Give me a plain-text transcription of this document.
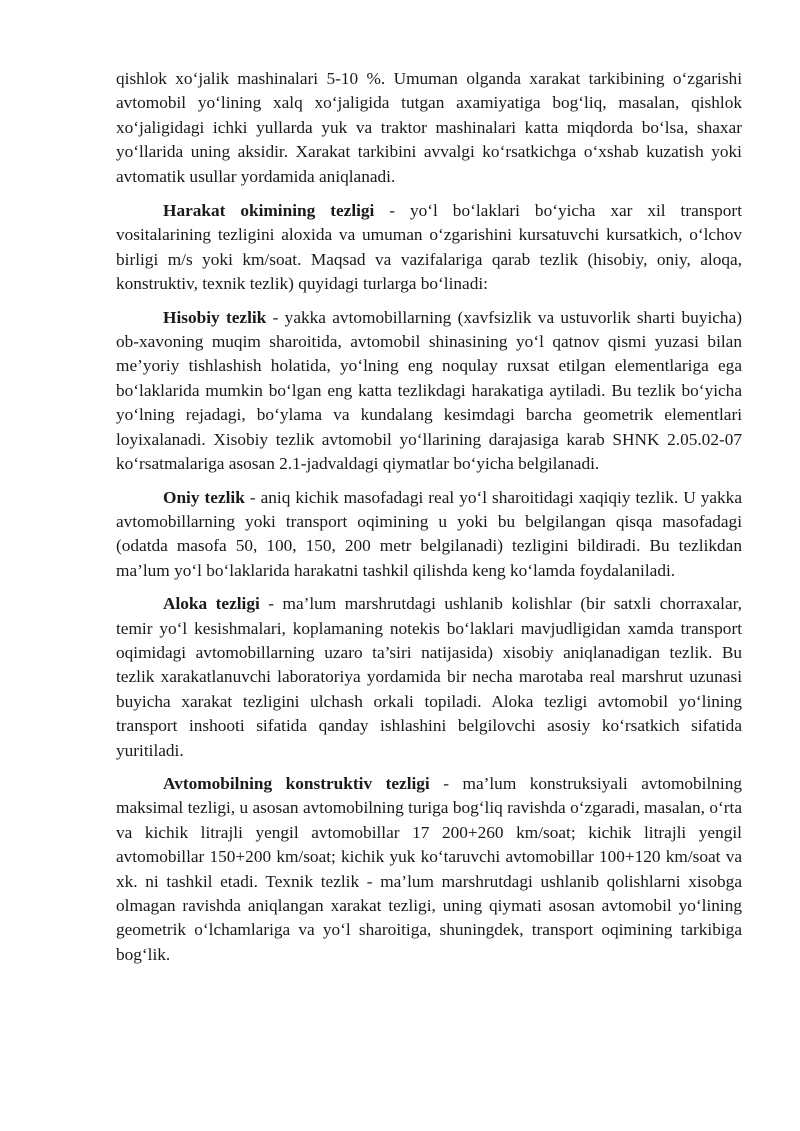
qishlok xo‘jalik mashinalari 5-10 %. Umuman olganda xarakat tarkibining o‘zgarishi avtomobil yo‘lining xalq xo‘jaligida tutgan axamiyatiga bog‘liq, masalan, qishlok xo‘jaligidagi ichki yullarda yuk va traktor mashinalari katta miqdorda bo‘lsa, shaxar yo‘llarida uning aksidir. Xarakat tarkibini avvalgi ko‘rsatkichga o‘xshab kuzatish yoki avtomatik usullar yordamida aniqlanadi.

Harakat okimining tezligi - yo‘l bo‘laklari bo‘yicha xar xil transport vositalarining tezligini aloxida va umuman o‘zgarishini kursatuvchi kursatkich, o‘lchov birligi m/s yoki km/soat. Maqsad va vazifalariga qarab tezlik (hisobiy, oniy, aloqa, konstruktiv, texnik tezlik) quyidagi turlarga bo‘linadi:

Hisobiy tezlik - yakka avtomobillarning (xavfsizlik va ustuvorlik sharti buyicha) ob-xavoning muqim sharoitida, avtomobil shinasining yo‘l qatnov qismi yuzasi bilan me’yoriy tishlashish holatida, yo‘lning eng noqulay ruxsat etilgan elementlariga ega bo‘laklarida mumkin bo‘lgan eng katta tezlikdagi harakatiga aytiladi. Bu tezlik bo‘yicha yo‘lning rejadagi, bo‘ylama va kundalang kesimdagi barcha geometrik elementlari loyixalanadi. Xisobiy tezlik avtomobil yo‘llarining darajasiga karab SHNK 2.05.02-07 ko‘rsatmalariga asosan 2.1-jadvaldagi qiymatlar bo‘yicha belgilanadi.

Oniy tezlik - aniq kichik masofadagi real yo‘l sharoitidagi xaqiqiy tezlik. U yakka avtomobillarning yoki transport oqimining u yoki bu belgilangan qisqa masofadagi (odatda masofa 50, 100, 150, 200 metr belgilanadi) tezligini bildiradi. Bu tezlikdan ma’lum yo‘l bo‘laklarida harakatni tashkil qilishda keng ko‘lamda foydalaniladi.

Aloka tezligi - ma’lum marshrutdagi ushlanib kolishlar (bir satxli chorraxalar, temir yo‘l kesishmalari, koplamaning notekis bo‘laklari mavjudligidan xamda transport oqimidagi avtomobillarning uzaro ta’siri natijasida) xisobiy aniqlanadigan tezlik. Bu tezlik xarakatlanuvchi laboratoriya yordamida bir necha marotaba real marshrut uzunasi buyicha xarakat tezligini ulchash orkali topiladi. Aloka tezligi avtomobil yo‘lining transport inshooti sifatida qanday ishlashini belgilovchi asosiy ko‘rsatkich sifatida yuritiladi.

Avtomobilning konstruktiv tezligi - ma’lum konstruksiyali avtomobilning maksimal tezligi, u asosan avtomobilning turiga bog‘liq ravishda o‘zgaradi, masalan, o‘rta va kichik litrajli yengil avtomobillar 17 200+260 km/soat; kichik litrajli yengil avtomobillar 150+200 km/soat; kichik yuk ko‘taruvchi avtomobillar 100+120 km/soat va xk. ni tashkil etadi. Texnik tezlik - ma’lum marshrutdagi ushlanib qolishlarni xisobga olmagan ravishda aniqlangan xarakat tezligi, uning qiymati asosan avtomobil yo‘lining geometrik o‘lchamlariga va yo‘l sharoitiga, shuningdek, transport oqimining tarkibiga bog‘lik.
